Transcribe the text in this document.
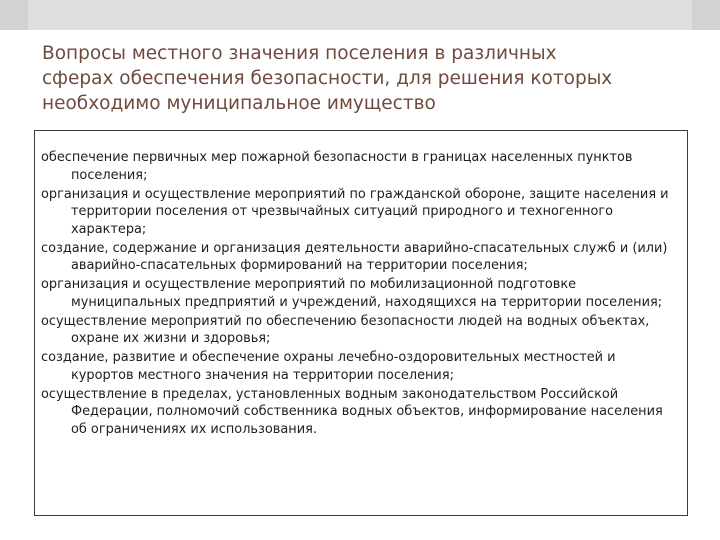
Вопросы местного значения поселения в различных
сферах обеспечения безопасности, для решения которых
необходимо муниципальное имущество
обеспечение первичных мер пожарной безопасности в границах населенных пунктов поселения;
организация и осуществление мероприятий по гражданской обороне, защите населения и территории поселения от чрезвычайных ситуаций природного и техногенного характера;
создание, содержание и организация деятельности аварийно-спасательных служб и (или) аварийно-спасательных формирований на территории поселения;
организация и осуществление мероприятий по мобилизационной подготовке муниципальных предприятий и учреждений, находящихся на территории поселения;
осуществление мероприятий по обеспечению безопасности людей на водных объектах, охране их жизни и здоровья;
создание, развитие и обеспечение охраны лечебно-оздоровительных местностей и курортов местного значения на территории поселения;
осуществление в пределах, установленных водным законодательством Российской Федерации, полномочий собственника водных объектов, информирование населения об ограничениях их использования.
